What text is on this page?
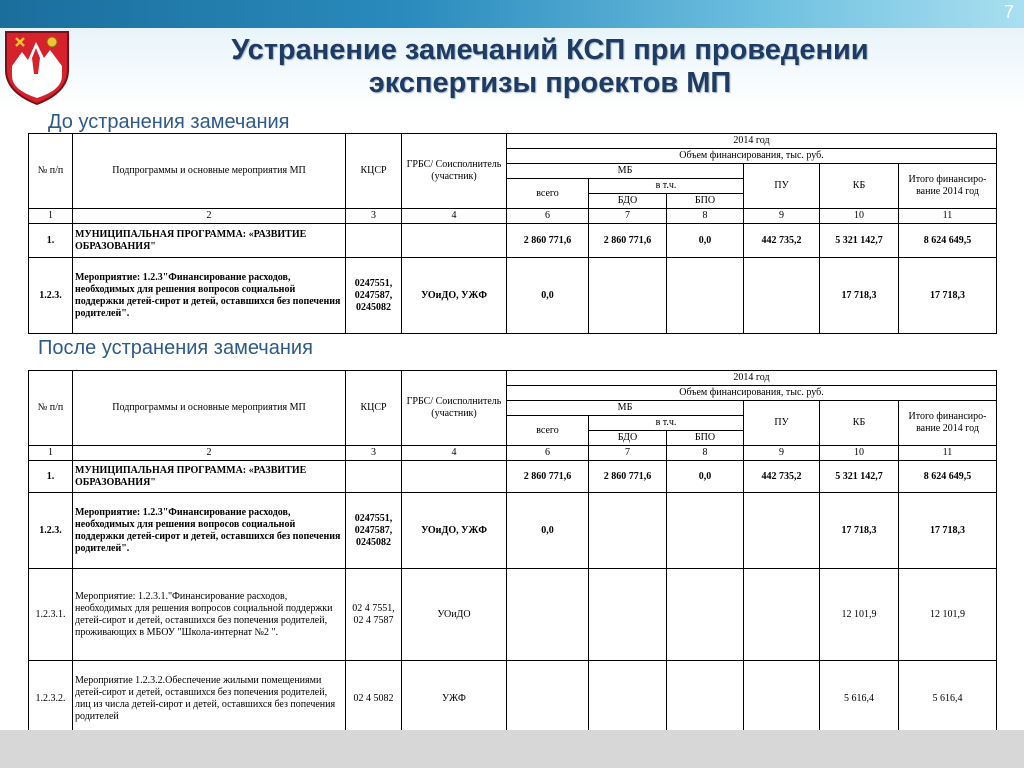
7
Устранение замечаний КСП при проведении
экспертизы проектов МП
До устранения замечания
№ п/п	Подпрограммы и основные мероприятия МП	КЦСР	ГРБС/ Соисполнитель (участник)	2014 год					
				Объем финансирования, тыс. руб.					
				МБ			ПУ	КБ	Итого финансиро- вание 2014 год
				всего	в т.ч.				
					БДО	БПО			
1	2	3	4	6	7	8	9	10	11
1.	МУНИЦИПАЛЬНАЯ ПРОГРАММА: «РАЗВИТИЕ ОБРАЗОВАНИЯ"			2 860 771,6	2 860 771,6	0,0	442 735,2	5 321 142,7	8 624 649,5
1.2.3.	Мероприятие: 1.2.3"Финансирование расходов, необходимых для решения вопросов социальной поддержки детей-сирот и детей, оставшихся без попечения родителей".	0247551, 0247587, 0245082	УОиДО, УЖФ	0,0				17 718,3	17 718,3
После устранения замечания
№ п/п	Подпрограммы и основные мероприятия МП	КЦСР	ГРБС/ Соисполнитель (участник)	2014 год					
				Объем финансирования, тыс. руб.					
				МБ			ПУ	КБ	Итого финансиро- вание 2014 год
				всего	в т.ч.				
					БДО	БПО			
1	2	3	4	6	7	8	9	10	11
1.	МУНИЦИПАЛЬНАЯ ПРОГРАММА: «РАЗВИТИЕ ОБРАЗОВАНИЯ"			2 860 771,6	2 860 771,6	0,0	442 735,2	5 321 142,7	8 624 649,5
1.2.3.	Мероприятие: 1.2.3"Финансирование расходов, необходимых для решения вопросов социальной поддержки детей-сирот и детей, оставшихся без попечения родителей".	0247551, 0247587, 0245082	УОиДО, УЖФ	0,0				17 718,3	17 718,3
1.2.3.1.	Мероприятие: 1.2.3.1."Финансирование расходов, необходимых для решения вопросов социальной поддержки детей-сирот и детей, оставшихся без попечения родителей, проживающих в МБОУ "Школа-интернат №2 ".	02 4 7551, 02 4 7587	УОиДО					12 101,9	12 101,9
1.2.3.2.	Мероприятие 1.2.3.2.Обеспечение жилыми помещениями детей-сирот и детей, оставшихся без попечения родителей, лиц из числа детей-сирот и детей, оставшихся без попечения родителей	02 4 5082	УЖФ					5 616,4	5 616,4
